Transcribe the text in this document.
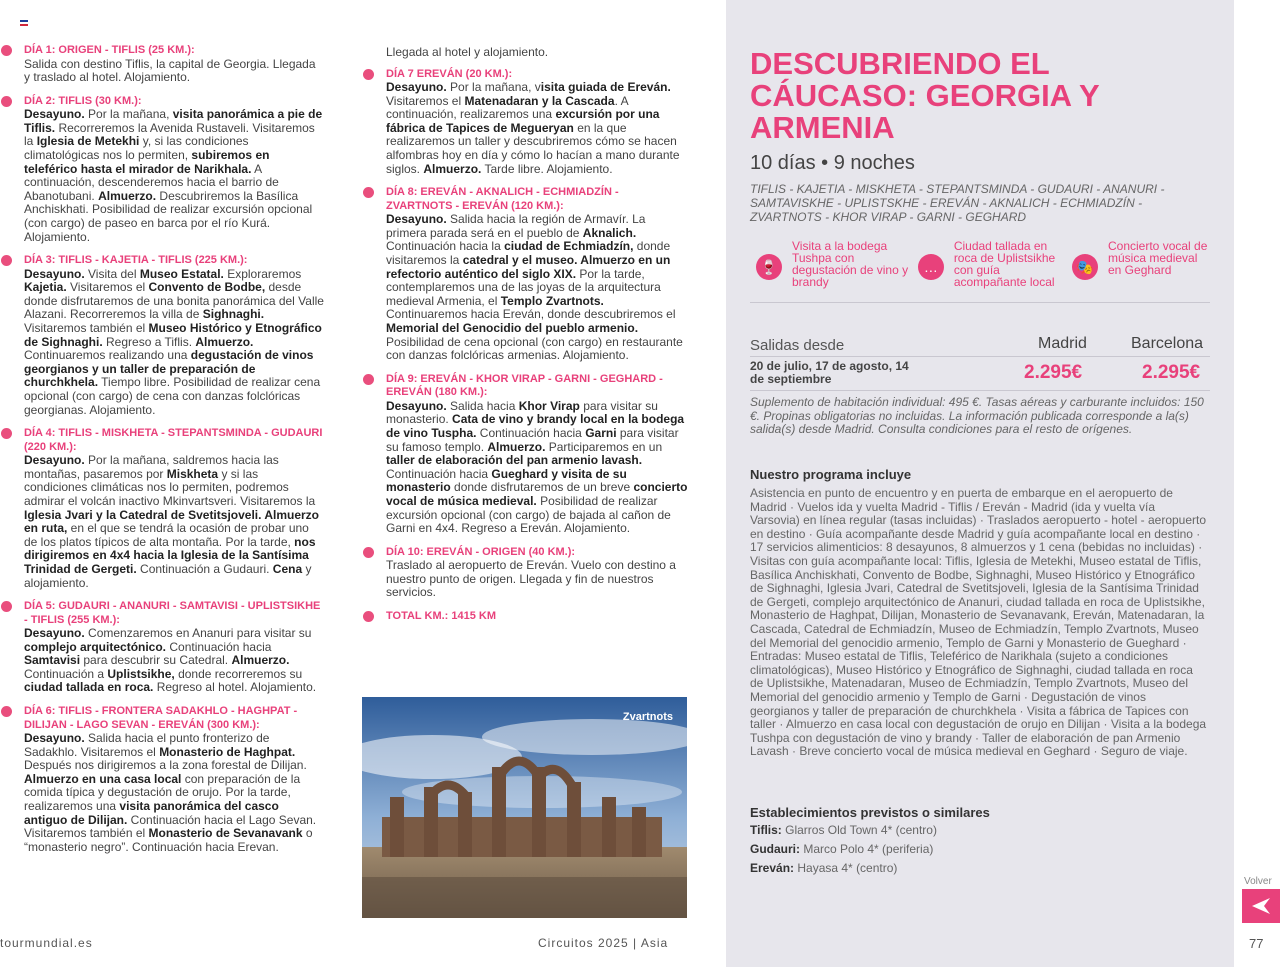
DÍA 1: ORIGEN - TIFLIS (25 KM.):
Salida con destino Tiflis, la capital de Georgia. Llegada y traslado al hotel. Alojamiento.
DÍA 2: TIFLIS (30 KM.):
Desayuno. Por la mañana, visita panorámica a pie de Tiflis. Recorreremos la Avenida Rustaveli. Visitaremos la Iglesia de Metekhi y, si las condiciones climatológicas nos lo permiten, subiremos en teleférico hasta el mirador de Narikhala. A continuación, descenderemos hacia el barrio de Abanotubani. Almuerzo. Descubriremos la Basílica Anchiskhati. Posibilidad de realizar excursión opcional (con cargo) de paseo en barca por el río Kurá. Alojamiento.
DÍA 3: TIFLIS - KAJETIA - TIFLIS (225 KM.):
Desayuno. Visita del Museo Estatal. Exploraremos Kajetia. Visitaremos el Convento de Bodbe, desde donde disfrutaremos de una bonita panorámica del Valle Alazani. Recorreremos la villa de Sighnaghi. Visitaremos también el Museo Histórico y Etnográfico de Sighnaghi. Regreso a Tiflis. Almuerzo. Continuaremos realizando una degustación de vinos georgianos y un taller de preparación de churchkhela. Tiempo libre. Posibilidad de realizar cena opcional (con cargo) de cena con danzas folclóricas georgianas. Alojamiento.
DÍA 4: TIFLIS - MISKHETA - STEPANTSMINDA - GUDAURI (220 KM.):
Desayuno. Por la mañana, saldremos hacia las montañas, pasaremos por Miskheta y si las condiciones climáticas nos lo permiten, podremos admirar el volcán inactivo Mkinvartsveri. Visitaremos la Iglesia Jvari y la Catedral de Svetitsjoveli. Almuerzo en ruta, en el que se tendrá la ocasión de probar uno de los platos típicos de alta montaña. Por la tarde, nos dirigiremos en 4x4 hacia la Iglesia de la Santísima Trinidad de Gergeti. Continuación a Gudauri. Cena y alojamiento.
DÍA 5: GUDAURI - ANANURI - SAMTAVISI - UPLISTSIKHE - TIFLIS (255 KM.):
Desayuno. Comenzaremos en Ananuri para visitar su complejo arquitectónico. Continuación hacia Samtavisi para descubrir su Catedral. Almuerzo. Continuación a Uplistsikhe, donde recorreremos su ciudad tallada en roca. Regreso al hotel. Alojamiento.
DÍA 6: TIFLIS - FRONTERA SADAKHLO - HAGHPAT - DILIJAN - LAGO SEVAN - EREVÁN (300 KM.):
Desayuno. Salida hacia el punto fronterizo de Sadakhlo. Visitaremos el Monasterio de Haghpat. Después nos dirigiremos a la zona forestal de Dilijan. Almuerzo en una casa local con preparación de la comida típica y degustación de orujo. Por la tarde, realizaremos una visita panorámica del casco antiguo de Dilijan. Continuación hacia el Lago Sevan. Visitaremos también el Monasterio de Sevanavank o “monasterio negro”. Continuación hacia Erevan.
Llegada al hotel y alojamiento.
DÍA 7 EREVÁN (20 KM.):
Desayuno. Por la mañana, visita guiada de Ereván. Visitaremos el Matenadaran y la Cascada. A continuación, realizaremos una excursión por una fábrica de Tapices de Megueryan en la que realizaremos un taller y descubriremos cómo se hacen alfombras hoy en día y cómo lo hacían a mano durante siglos. Almuerzo. Tarde libre. Alojamiento.
DÍA 8: EREVÁN - AKNALICH - ECHMIADZÍN - ZVARTNOTS - EREVÁN (120 KM.):
Desayuno. Salida hacia la región de Armavír. La primera parada será en el pueblo de Aknalich. Continuación hacia la ciudad de Echmiadzín, donde visitaremos la catedral y el museo. Almuerzo en un refectorio auténtico del siglo XIX. Por la tarde, contemplaremos una de las joyas de la arquitectura medieval Armenia, el Templo Zvartnots. Continuaremos hacia Ereván, donde descubriremos el Memorial del Genocidio del pueblo armenio. Posibilidad de cena opcional (con cargo) en restaurante con danzas folclóricas armenias. Alojamiento.
DÍA 9: EREVÁN - KHOR VIRAP - GARNI - GEGHARD - EREVÁN (180 KM.):
Desayuno. Salida hacia Khor Virap para visitar su monasterio. Cata de vino y brandy local en la bodega de vino Tuspha. Continuación hacia Garni para visitar su famoso templo. Almuerzo. Participaremos en un taller de elaboración del pan armenio lavash. Continuación hacia Gueghard y visita de su monasterio donde disfrutaremos de un breve concierto vocal de música medieval. Posibilidad de realizar excursión opcional (con cargo) de bajada al cañon de Garni en 4x4. Regreso a Ereván. Alojamiento.
DÍA 10: EREVÁN - ORIGEN (40 KM.):
Traslado al aeropuerto de Ereván. Vuelo con destino a nuestro punto de origen. Llegada y fin de nuestros servicios.
TOTAL KM.: 1415 KM
Zvartnots
tourmundial.es	Circuitos 2025 | Asia
DESCUBRIENDO EL CÁUCASO: GEORGIA Y ARMENIA
10 días • 9 noches
TIFLIS - KAJETIA - MISKHETA - STEPANTSMINDA - GUDAURI - ANANURI - SAMTAVISKHE - UPLISTSKHE - EREVÁN - AKNALICH - ECHMIADZÍN - ZVARTNOTS - KHOR VIRAP - GARNI - GEGHARD
🍷
Visita a la bodega Tushpa con degustación de vino y brandy
…
Ciudad tallada en roca de Uplistsikhe con guía acompañante local
🎭
Concierto vocal de música medieval en Geghard
Salidas desde	Madrid	Barcelona
20 de julio, 17 de agosto, 14 de septiembre	2.295€	2.295€
Suplemento de habitación individual: 495 €. Tasas aéreas y carburante incluidos: 150 €. Propinas obligatorias no incluidas. La información publicada corresponde a la(s) salida(s) desde Madrid. Consulta condiciones para el resto de orígenes.
Nuestro programa incluye
Asistencia en punto de encuentro y en puerta de embarque en el aeropuerto de Madrid · Vuelos ida y vuelta Madrid - Tiflis / Ereván - Madrid (ida y vuelta vía Varsovia) en línea regular (tasas incluidas) · Traslados aeropuerto - hotel - aeropuerto en destino · Guía acompañante desde Madrid y guía acompañante local en destino · 17 servicios alimenticios: 8 desayunos, 8 almuerzos y 1 cena (bebidas no incluidas) · Visitas con guía acompañante local: Tiflis, Iglesia de Metekhi, Museo estatal de Tiflis, Basílica Anchiskhati, Convento de Bodbe, Sighnaghi, Museo Histórico y Etnográfico de Sighnaghi, Iglesia Jvari, Catedral de Svetitsjoveli, Iglesia de la Santísima Trinidad de Gergeti, complejo arquitectónico de Ananuri, ciudad tallada en roca de Uplistsikhe, Monasterio de Haghpat, Dilijan, Monasterio de Sevanavank, Ereván, Matenadaran, la Cascada, Catedral de Echmiadzín, Museo de Echmiadzín, Templo Zvartnots, Museo del Memorial del genocidio armenio, Templo de Garni y Monasterio de Gueghard · Entradas: Museo estatal de Tiflis, Teleférico de Narikhala (sujeto a condiciones climatológicas), Museo Histórico y Etnográfico de Sighnaghi, ciudad tallada en roca de Uplistsikhe, Matenadaran, Museo de Echmiadzín, Templo Zvartnots, Museo del Memorial del genocidio armenio y Templo de Garni · Degustación de vinos georgianos y taller de preparación de churchkhela · Visita a fábrica de Tapices con taller · Almuerzo en casa local con degustación de orujo en Dilijan · Visita a la bodega Tushpa con degustación de vino y brandy · Taller de elaboración de pan Armenio Lavash · Breve concierto vocal de música medieval en Geghard · Seguro de viaje.
Establecimientos previstos o similares
Tiflis: Glarros Old Town 4* (centro)
Gudauri: Marco Polo 4* (periferia)
Ereván: Hayasa 4* (centro)
Volver
77
